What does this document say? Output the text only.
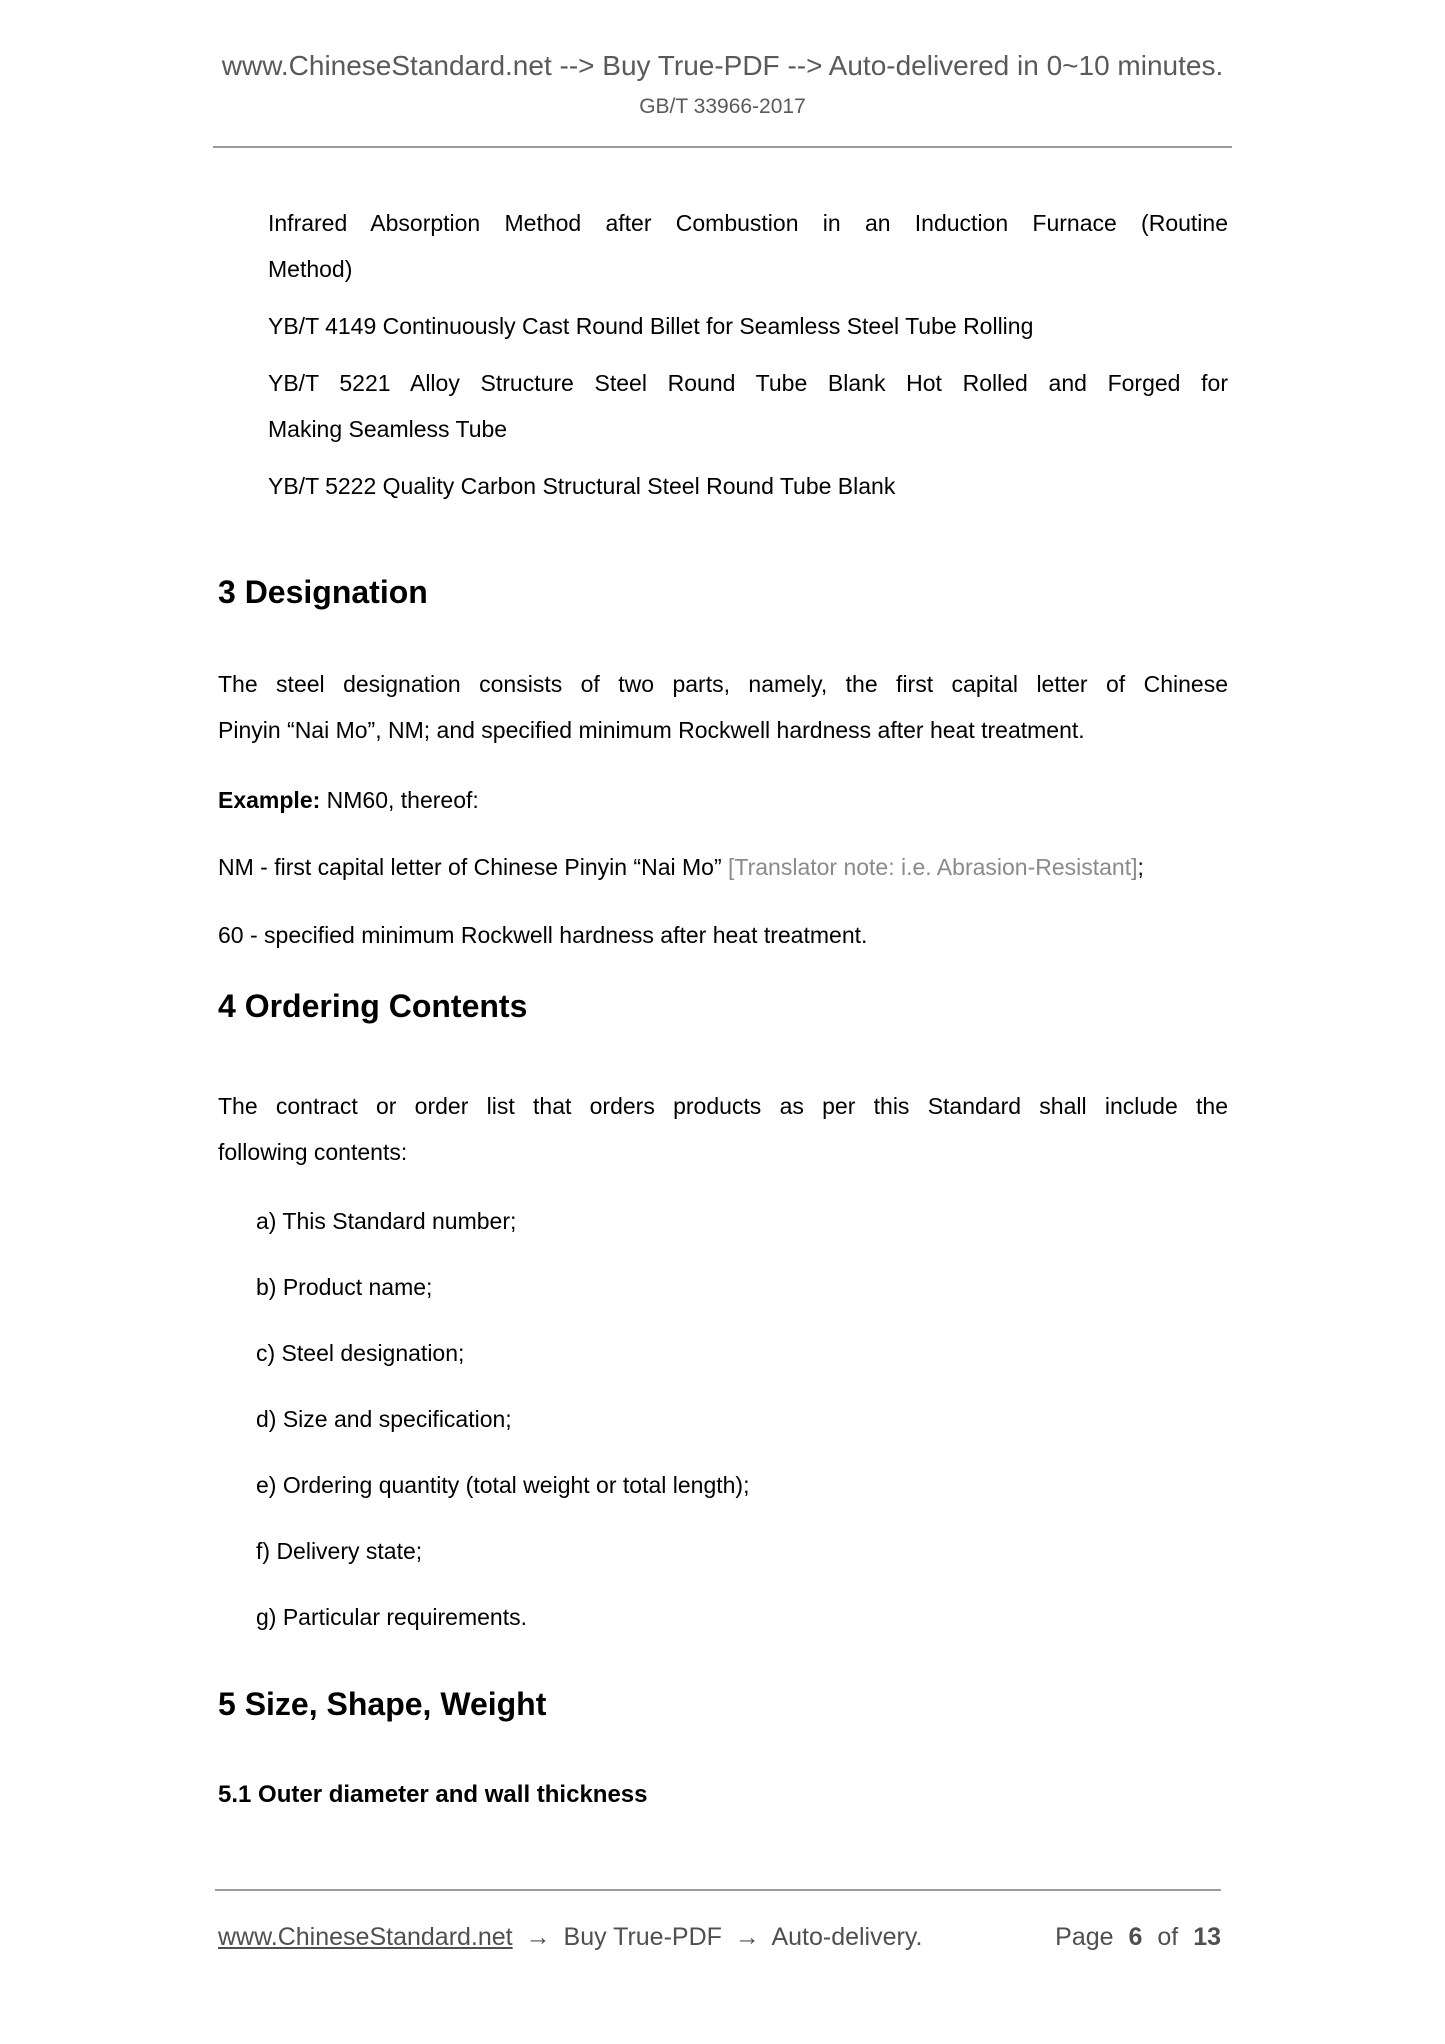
www.ChineseStandard.net --> Buy True-PDF --> Auto-delivered in 0~10 minutes.
GB/T 33966-2017
Infrared Absorption Method after Combustion in an Induction Furnace (Routine
Method)
YB/T 4149 Continuously Cast Round Billet for Seamless Steel Tube Rolling
YB/T 5221 Alloy Structure Steel Round Tube Blank Hot Rolled and Forged for
Making Seamless Tube
YB/T 5222 Quality Carbon Structural Steel Round Tube Blank
3 Designation
The steel designation consists of two parts, namely, the first capital letter of Chinese
Pinyin “Nai Mo”, NM; and specified minimum Rockwell hardness after heat treatment.
Example: NM60, thereof:
NM - first capital letter of Chinese Pinyin “Nai Mo” [Translator note: i.e. Abrasion-Resistant];
60 - specified minimum Rockwell hardness after heat treatment.
4 Ordering Contents
The contract or order list that orders products as per this Standard shall include the
following contents:
a) This Standard number;
b) Product name;
c) Steel designation;
d) Size and specification;
e) Ordering quantity (total weight or total length);
f) Delivery state;
g) Particular requirements.
5 Size, Shape, Weight
5.1 Outer diameter and wall thickness
www.ChineseStandard.net → Buy True-PDF → Auto-delivery.	Page 6 of 13
